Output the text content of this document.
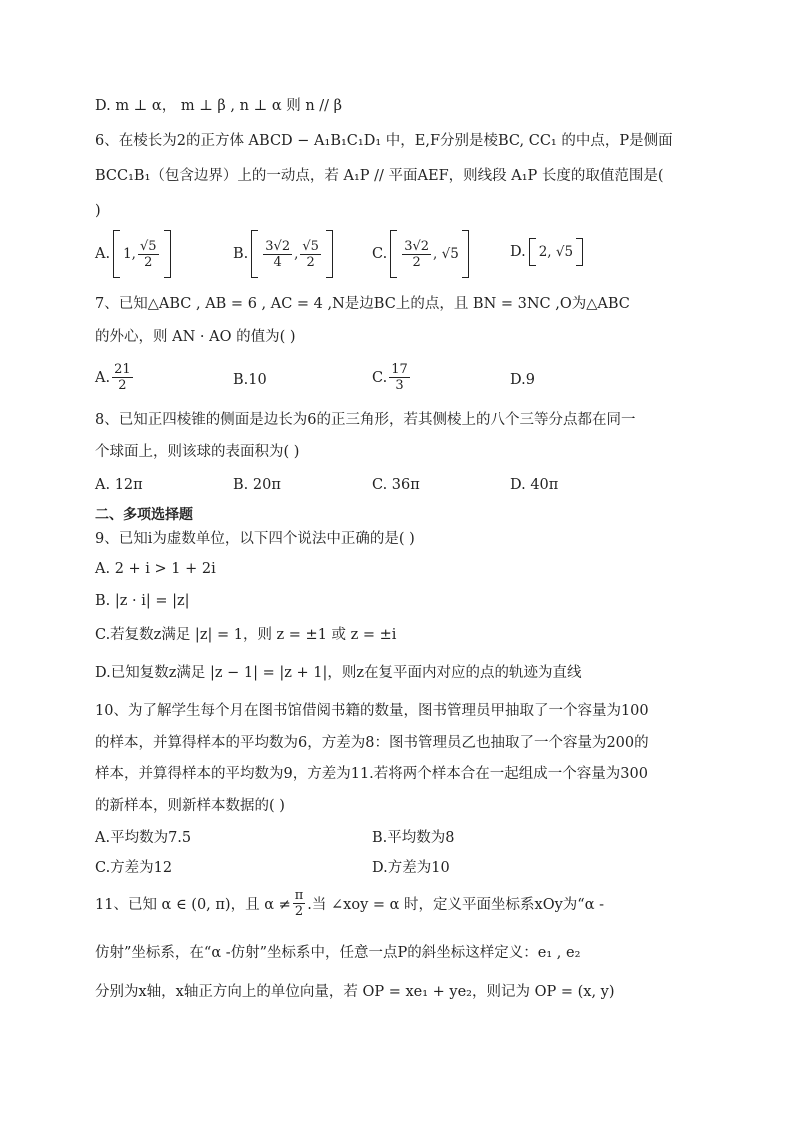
D. m ⊥ α， m ⊥ β , n ⊥ α 则 n // β
6、在棱长为2的正方体 ABCD − A₁B₁C₁D₁ 中，E,F分别是棱BC, CC₁ 的中点，P是侧面
BCC₁B₁（包含边界）上的一动点，若 A₁P // 平面AEF，则线段 A₁P 长度的取值范围是(
)
A. 1, $\frac{√5}{2}$	B. $\frac{3√2}{4}$ , $\frac{√5}{2}$	C. $\frac{3√2}{2}$ , √5	D. 2, √5
7、已知△ABC , AB = 6 , AC = 4 ,N是边BC上的点，且 BN = 3NC ,O为△ABC
的外心，则 AN · AO 的值为( )
A. $\frac{21}{2}$	B.10	C. $\frac{17}{3}$	D.9
8、已知正四棱锥的侧面是边长为6的正三角形，若其侧棱上的八个三等分点都在同一
个球面上，则该球的表面积为( )
A. 12π	B. 20π	C. 36π	D. 40π
二、多项选择题
9、已知i为虚数单位，以下四个说法中正确的是( )
A. 2 + i > 1 + 2i
B. |z · i| = |z|
C.若复数z满足 |z| = 1，则 z = ±1 或 z = ±i
D.已知复数z满足 |z − 1| = |z + 1|，则z在复平面内对应的点的轨迹为直线
10、为了解学生每个月在图书馆借阅书籍的数量，图书管理员甲抽取了一个容量为100
的样本，并算得样本的平均数为6，方差为8：图书管理员乙也抽取了一个容量为200的
样本，并算得样本的平均数为9，方差为11.若将两个样本合在一起组成一个容量为300
的新样本，则新样本数据的( )
A.平均数为7.5	B.平均数为8
C.方差为12	D.方差为10
11、已知 α ∈ (0, π)，且 $\alpha \ne \frac{\pi}{2}$ .当 ∠xoy = α 时，定义平面坐标系xOy为“α -
仿射”坐标系，在“α -仿射”坐标系中，任意一点P的斜坐标这样定义：e₁ , e₂
分别为x轴，x轴正方向上的单位向量，若 OP = xe₁ + ye₂，则记为 OP = (x, y)
